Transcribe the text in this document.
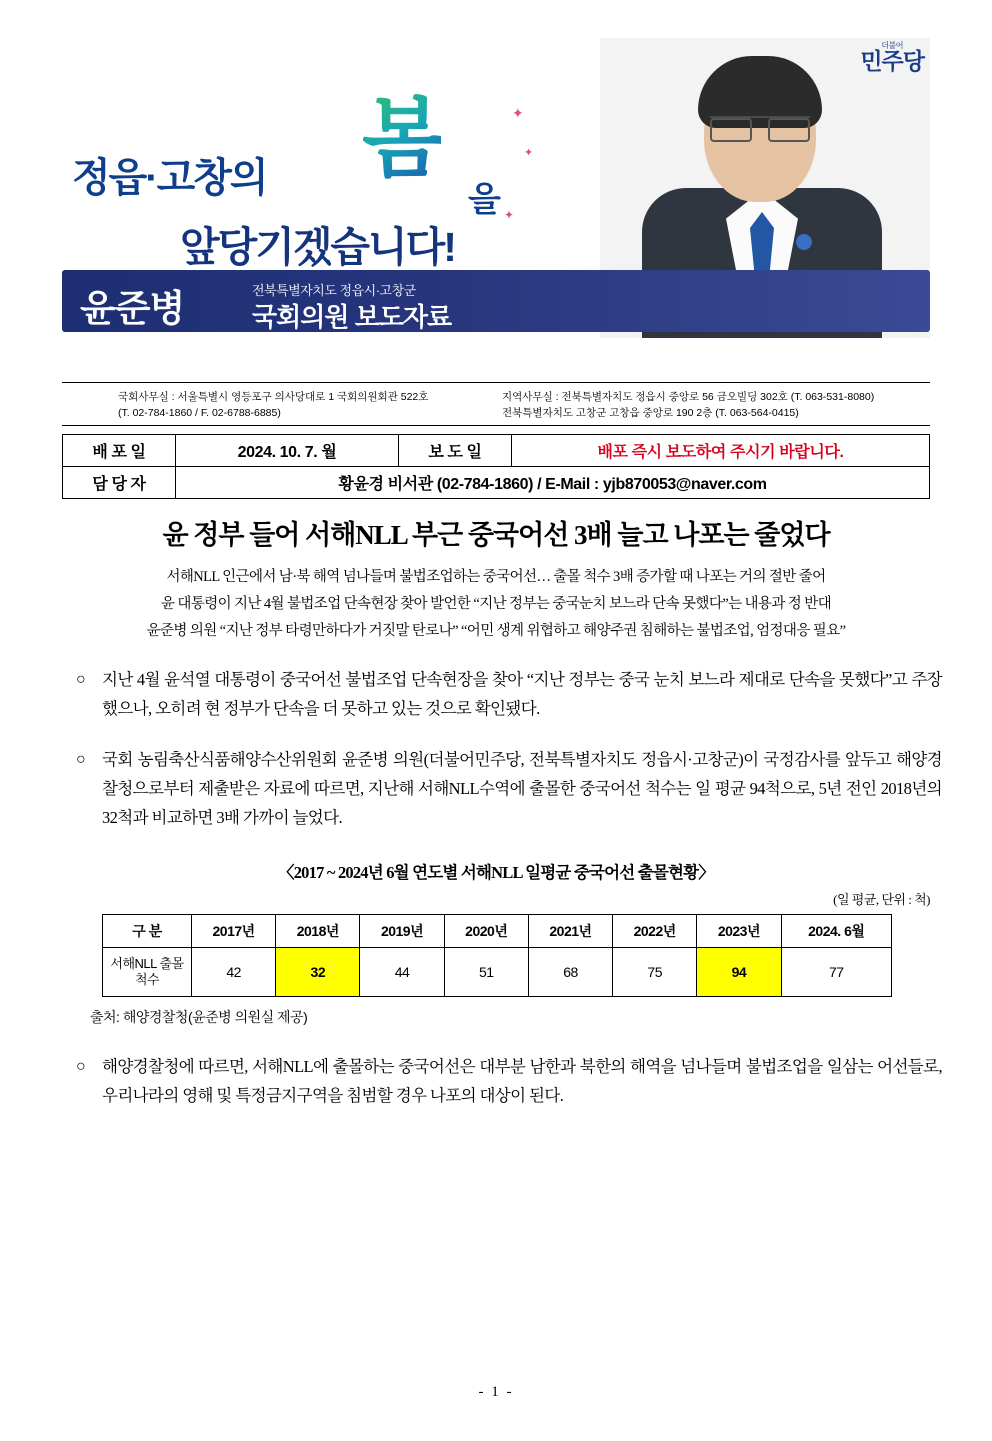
정읍·고창의 봄
을
✦
✦
✦
앞당기겠습니다!
더불어
민주당
윤준병	전북특별자치도 정읍시·고창군
국회의원 보도자료
국회사무실 : 서울특별시 영등포구 의사당대로 1 국회의원회관 522호
(T. 02-784-1860 / F. 02-6788-6885)
지역사무실 : 전북특별자치도 정읍시 중앙로 56 금오빌딩 302호 (T. 063-531-8080)
전북특별자치도 고창군 고창읍 중앙로 190 2층 (T. 063-564-0415)
배 포 일	2024. 10. 7. 월	보 도 일	배포 즉시 보도하여 주시기 바랍니다.
담 당 자	황윤경 비서관 (02-784-1860) / E-Mail : yjb870053@naver.com		
윤 정부 들어 서해NLL 부근 중국어선 3배 늘고 나포는 줄었다
서해NLL 인근에서 남·북 해역 넘나들며 불법조업하는 중국어선… 출몰 척수 3배 증가할 때 나포는 거의 절반 줄어
윤 대통령이 지난 4월 불법조업 단속현장 찾아 발언한 “지난 정부는 중국눈치 보느라 단속 못했다”는 내용과 정 반대
윤준병 의원 “지난 정부 타령만하다가 거짓말 탄로나” “어민 생계 위협하고 해양주권 침해하는 불법조업, 엄정대응 필요”
○ 지난 4월 윤석열 대통령이 중국어선 불법조업 단속현장을 찾아 “지난 정부는 중국 눈치 보느라 제대로 단속을 못했다”고 주장했으나, 오히려 현 정부가 단속을 더 못하고 있는 것으로 확인됐다.
○ 국회 농림축산식품해양수산위원회 윤준병 의원(더불어민주당, 전북특별자치도 정읍시·고창군)이 국정감사를 앞두고 해양경찰청으로부터 제출받은 자료에 따르면, 지난해 서해NLL수역에 출몰한 중국어선 척수는 일 평균 94척으로, 5년 전인 2018년의 32척과 비교하면 3배 가까이 늘었다.
〈2017 ~ 2024년 6월 연도별 서해NLL 일평균 중국어선 출몰현황〉
(일 평균, 단위 : 척)
구 분	2017년	2018년	2019년	2020년	2021년	2022년	2023년	2024. 6월
서해NLL 출몰 척수	42	32	44	51	68	75	94	77
출처: 해양경찰청(윤준병 의원실 제공)
○ 해양경찰청에 따르면, 서해NLL에 출몰하는 중국어선은 대부분 남한과 북한의 해역을 넘나들며 불법조업을 일삼는 어선들로, 우리나라의 영해 및 특정금지구역을 침범할 경우 나포의 대상이 된다.
- 1 -
